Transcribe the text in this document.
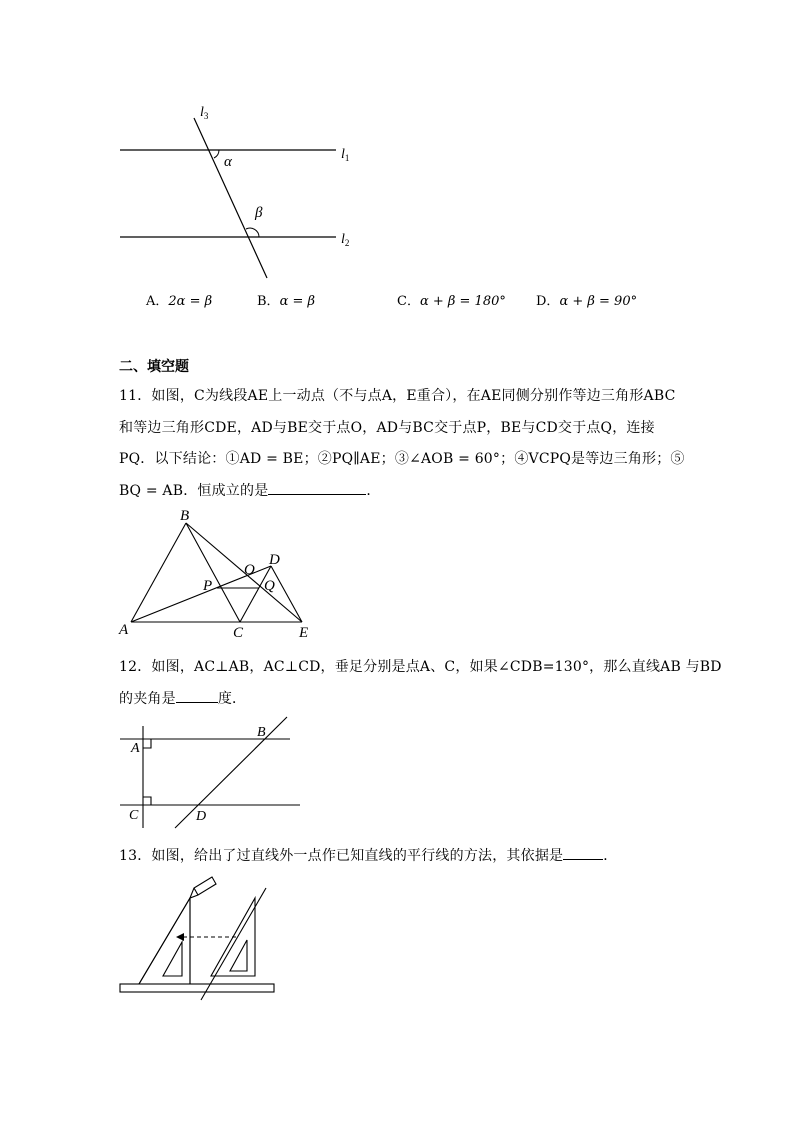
$l_3$
$l_1$
$l_2$
α
β
A．2α = β	B．α = β	C．α + β = 180° D．α + β = 90°
二、填空题
11．如图，C为线段AE上一动点（不与点A，E重合），在AE同侧分别作等边三角形ABC
和等边三角形CDE，AD与BE交于点O，AD与BC交于点P，BE与CD交于点Q，连接
PQ．以下结论：①AD = BE；②PQ∥AE；③∠AOB = 60°；④VCPQ是等边三角形；⑤
BQ = AB．恒成立的是	．
B
D
O
Q
P
A	C	E
12．如图，AC⊥AB，AC⊥CD，垂足分别是点A、C，如果∠CDB=130°，那么直线AB 与BD
的夹角是	度．
A
B
C	D
13．如图，给出了过直线外一点作已知直线的平行线的方法，其依据是	．
